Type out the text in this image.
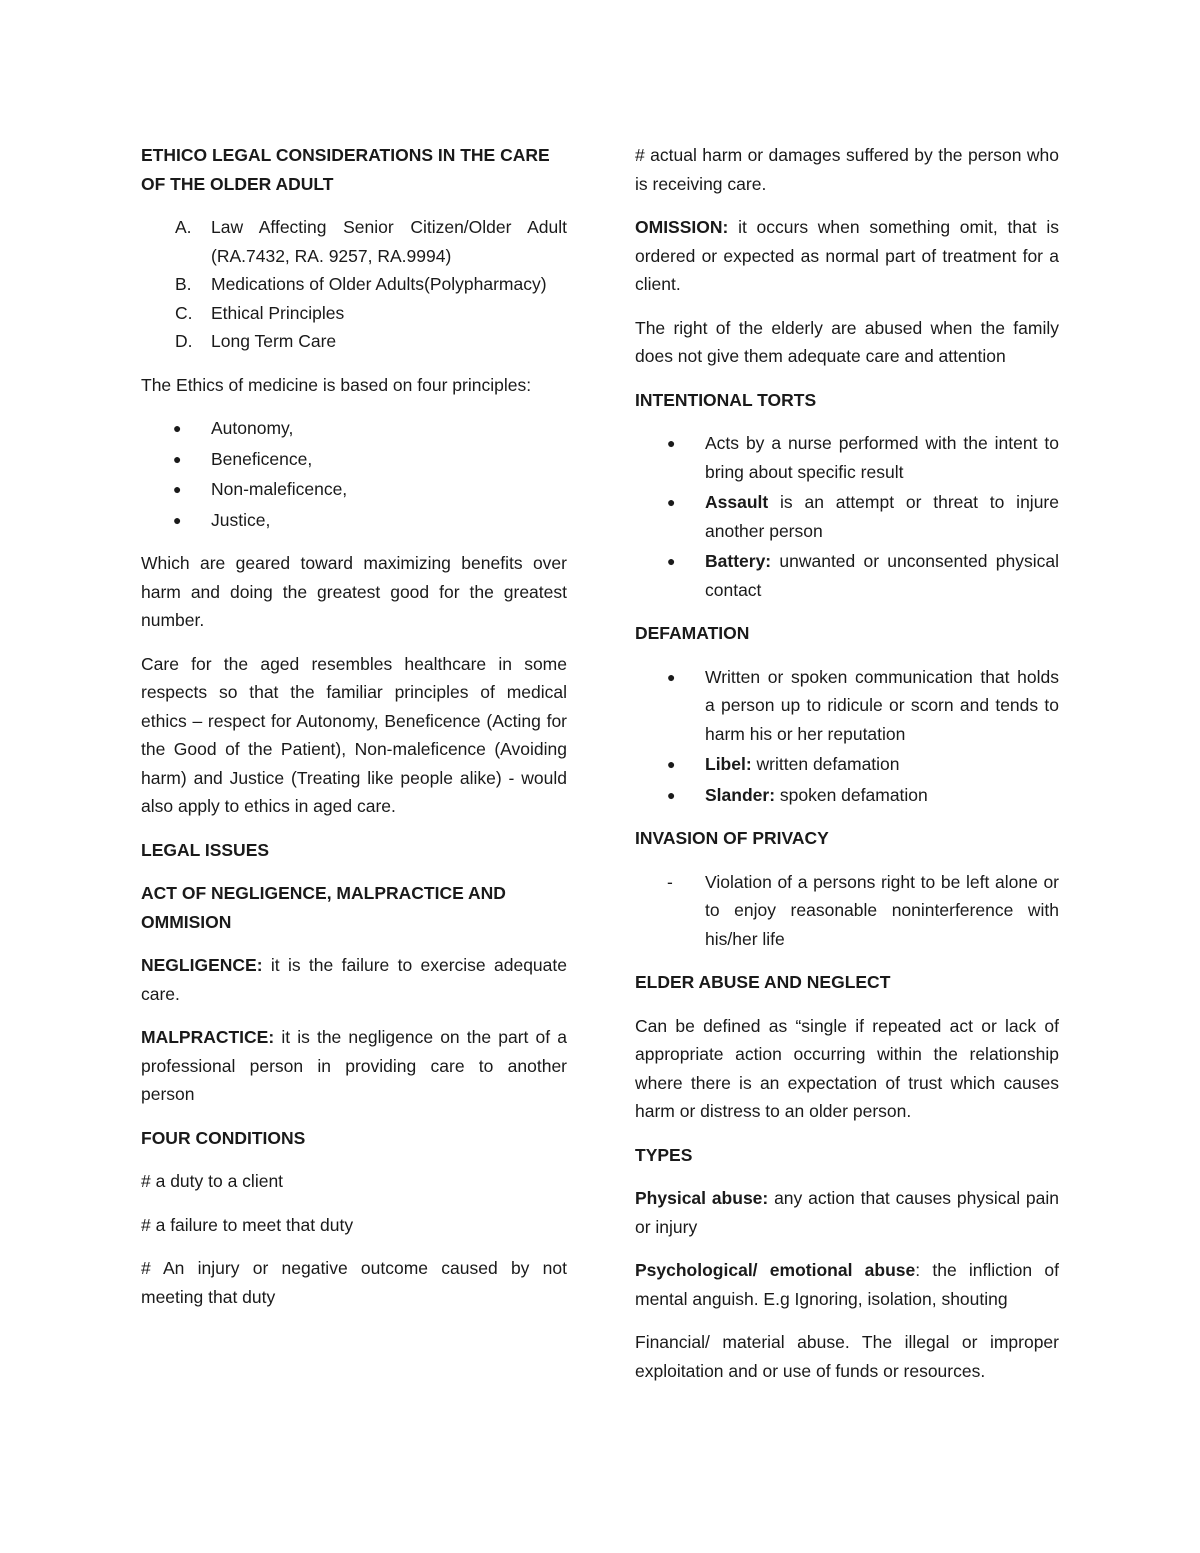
ETHICO LEGAL CONSIDERATIONS IN THE CARE OF THE OLDER ADULT

A. Law Affecting Senior Citizen/Older Adult (RA.7432, RA. 9257, RA.9994)
B. Medications of Older Adults(Polypharmacy)
C. Ethical Principles
D. Long Term Care

The Ethics of medicine is based on four principles:

● Autonomy,
● Beneficence,
● Non-maleficence,
● Justice,

Which are geared toward maximizing benefits over harm and doing the greatest good for the greatest number.

Care for the aged resembles healthcare in some respects so that the familiar principles of medical ethics – respect for Autonomy, Beneficence (Acting for the Good of the Patient), Non-maleficence (Avoiding harm) and Justice (Treating like people alike) - would also apply to ethics in aged care.

LEGAL ISSUES

ACT OF NEGLIGENCE, MALPRACTICE AND OMMISION

NEGLIGENCE: it is the failure to exercise adequate care.

MALPRACTICE: it is the negligence on the part of a professional person in providing care to another person

FOUR CONDITIONS

# a duty to a client

# a failure to meet that duty

# An injury or negative outcome caused by not meeting that duty

# actual harm or damages suffered by the person who is receiving care.

OMISSION: it occurs when something omit, that is ordered or expected as normal part of treatment for a client.

The right of the elderly are abused when the family does not give them adequate care and attention

INTENTIONAL TORTS

● Acts by a nurse performed with the intent to bring about specific result
● Assault is an attempt or threat to injure another person
● Battery: unwanted or unconsented physical contact

DEFAMATION

● Written or spoken communication that holds a person up to ridicule or scorn and tends to harm his or her reputation
● Libel: written defamation
● Slander: spoken defamation

INVASION OF PRIVACY

- Violation of a persons right to be left alone or to enjoy reasonable noninterference with his/her life

ELDER ABUSE AND NEGLECT

Can be defined as “single if repeated act or lack of appropriate action occurring within the relationship where there is an expectation of trust which causes harm or distress to an older person.

TYPES

Physical abuse: any action that causes physical pain or injury

Psychological/ emotional abuse: the infliction of mental anguish. E.g Ignoring, isolation, shouting

Financial/ material abuse. The illegal or improper exploitation and or use of funds or resources.
